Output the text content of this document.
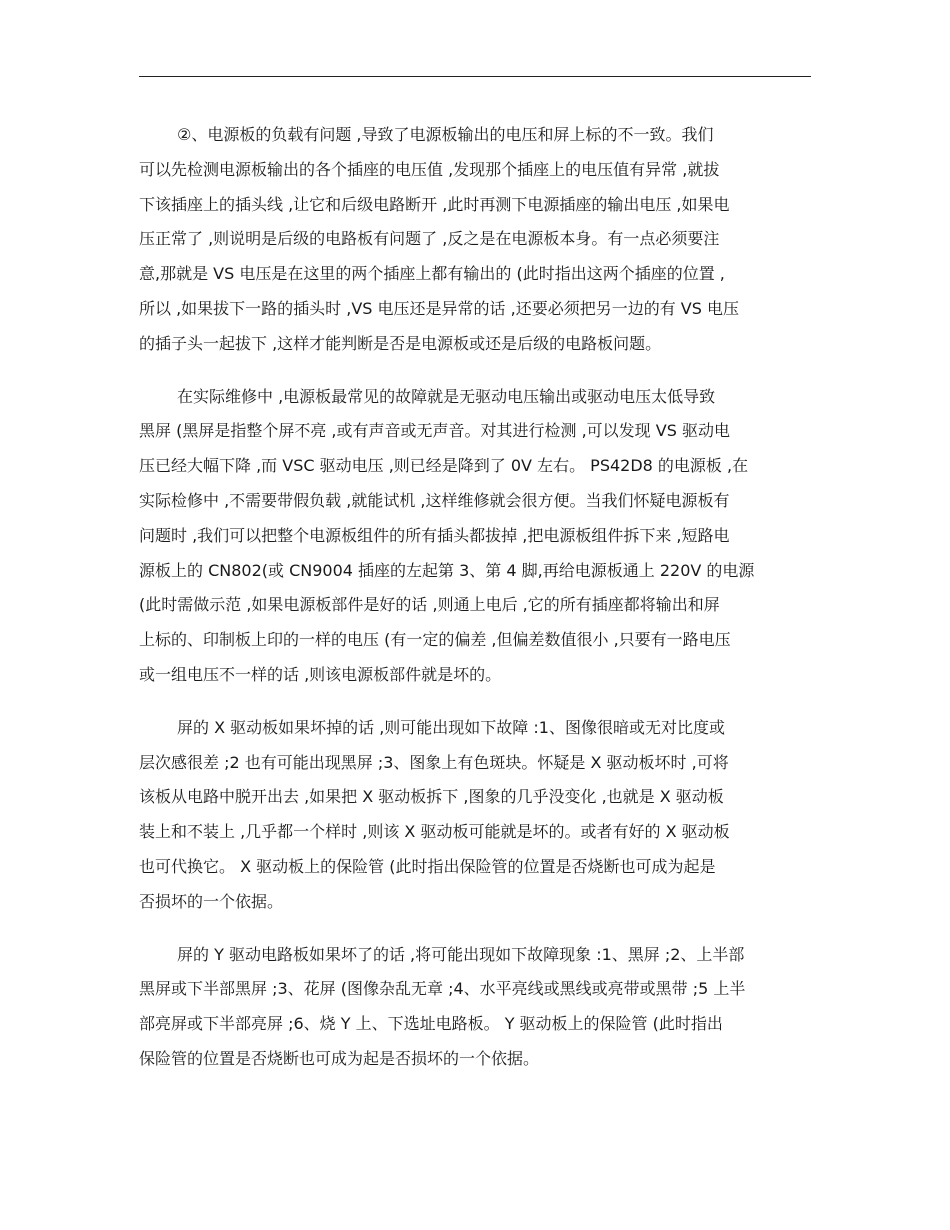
②、电源板的负载有问题 ,导致了电源板输出的电压和屏上标的不一致。我们
可以先检测电源板输出的各个插座的电压值 ,发现那个插座上的电压值有异常 ,就拔
下该插座上的插头线 ,让它和后级电路断开 ,此时再测下电源插座的输出电压 ,如果电
压正常了 ,则说明是后级的电路板有问题了 ,反之是在电源板本身。有一点必须要注
意,那就是 VS 电压是在这里的两个插座上都有输出的 (此时指出这两个插座的位置 ,
所以 ,如果拔下一路的插头时 ,VS 电压还是异常的话 ,还要必须把另一边的有 VS 电压
的插子头一起拔下 ,这样才能判断是否是电源板或还是后级的电路板问题。
在实际维修中 ,电源板最常见的故障就是无驱动电压输出或驱动电压太低导致
黑屏 (黑屏是指整个屏不亮 ,或有声音或无声音。对其进行检测 ,可以发现 VS 驱动电
压已经大幅下降 ,而 VSC 驱动电压 ,则已经是降到了 0V 左右。 PS42D8 的电源板 ,在
实际检修中 ,不需要带假负载 ,就能试机 ,这样维修就会很方便。当我们怀疑电源板有
问题时 ,我们可以把整个电源板组件的所有插头都拔掉 ,把电源板组件拆下来 ,短路电
源板上的 CN802(或 CN9004 插座的左起第 3、第 4 脚,再给电源板通上 220V 的电源
(此时需做示范 ,如果电源板部件是好的话 ,则通上电后 ,它的所有插座都将输出和屏
上标的、印制板上印的一样的电压 (有一定的偏差 ,但偏差数值很小 ,只要有一路电压
或一组电压不一样的话 ,则该电源板部件就是坏的。
屏的 X 驱动板如果坏掉的话 ,则可能出现如下故障 :1、图像很暗或无对比度或
层次感很差 ;2 也有可能出现黑屏 ;3、图象上有色斑块。怀疑是 X 驱动板坏时 ,可将
该板从电路中脱开出去 ,如果把 X 驱动板拆下 ,图象的几乎没变化 ,也就是 X 驱动板
装上和不装上 ,几乎都一个样时 ,则该 X 驱动板可能就是坏的。或者有好的 X 驱动板
也可代换它。 X 驱动板上的保险管 (此时指出保险管的位置是否烧断也可成为起是
否损坏的一个依据。
屏的 Y 驱动电路板如果坏了的话 ,将可能出现如下故障现象 :1、黑屏 ;2、上半部
黑屏或下半部黑屏 ;3、花屏 (图像杂乱无章 ;4、水平亮线或黑线或亮带或黑带 ;5 上半
部亮屏或下半部亮屏 ;6、烧 Y 上、下选址电路板。 Y 驱动板上的保险管 (此时指出
保险管的位置是否烧断也可成为起是否损坏的一个依据。
